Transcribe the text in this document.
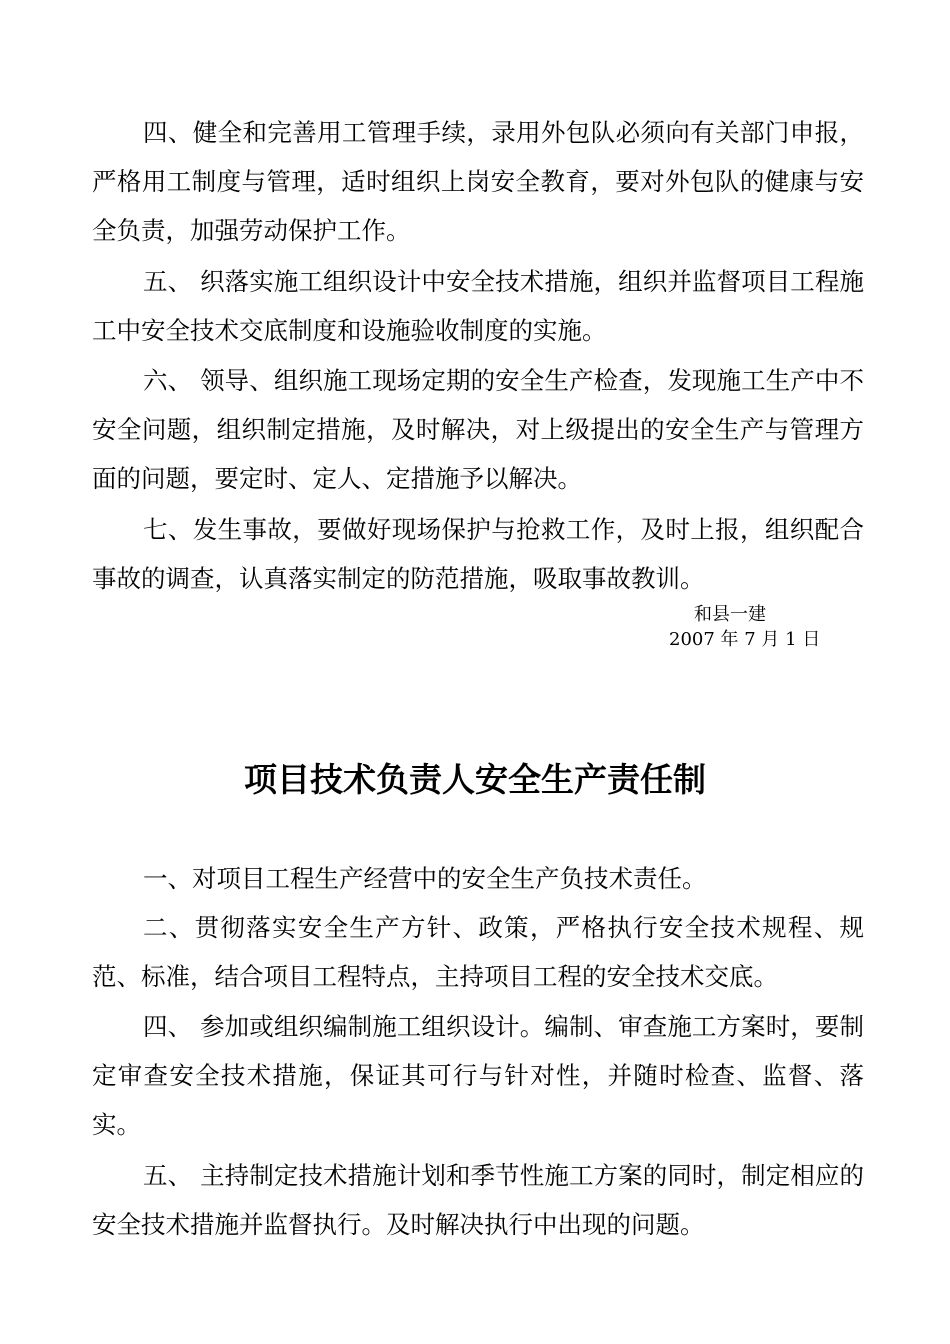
四、健全和完善用工管理手续，录用外包队必须向有关部门申报，严格用工制度与管理，适时组织上岗安全教育，要对外包队的健康与安全负责，加强劳动保护工作。

五、 织落实施工组织设计中安全技术措施，组织并监督项目工程施工中安全技术交底制度和设施验收制度的实施。

六、 领导、组织施工现场定期的安全生产检查，发现施工生产中不安全问题，组织制定措施，及时解决，对上级提出的安全生产与管理方面的问题，要定时、定人、定措施予以解决。

七、发生事故，要做好现场保护与抢救工作，及时上报，组织配合事故的调查，认真落实制定的防范措施，吸取事故教训。

和县一建
2007 年 7 月 1 日
项目技术负责人安全生产责任制

一、对项目工程生产经营中的安全生产负技术责任。

二、贯彻落实安全生产方针、政策，严格执行安全技术规程、规范、标准，结合项目工程特点，主持项目工程的安全技术交底。

四、 参加或组织编制施工组织设计。编制、审查施工方案时，要制定审查安全技术措施，保证其可行与针对性，并随时检查、监督、落实。

五、 主持制定技术措施计划和季节性施工方案的同时，制定相应的安全技术措施并监督执行。及时解决执行中出现的问题。
